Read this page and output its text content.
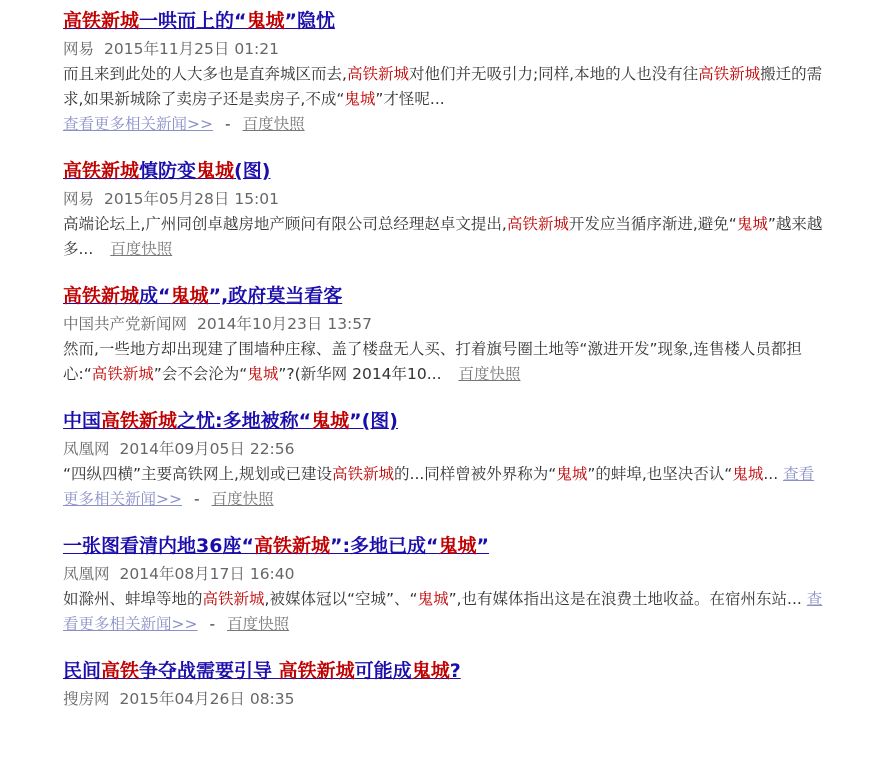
高铁新城一哄而上的“鬼城”隐忧
网易 2015年11月25日 01:21
而且来到此处的人大多也是直奔城区而去,高铁新城对他们并无吸引力;同样,本地的人也没有往高铁新城搬迁的需求,如果新城除了卖房子还是卖房子,不成“鬼城”才怪呢...
查看更多相关新闻>> - 百度快照
高铁新城慎防变鬼城(图)
网易 2015年05月28日 15:01
高端论坛上,广州同创卓越房地产顾问有限公司总经理赵卓文提出,高铁新城开发应当循序渐进,避免“鬼城”越来越多... 百度快照
高铁新城成“鬼城”,政府莫当看客
中国共产党新闻网 2014年10月23日 13:57
然而,一些地方却出现建了围墙种庄稼、盖了楼盘无人买、打着旗号圈土地等“激进开发”现象,连售楼人员都担心:“高铁新城”会不会沦为“鬼城”?(新华网 2014年10... 百度快照
中国高铁新城之忧:多地被称“鬼城”(图)
凤凰网 2014年09月05日 22:56
“四纵四横”主要高铁网上,规划或已建设高铁新城的...同样曾被外界称为“鬼城”的蚌埠,也坚决否认“鬼城... 查看更多相关新闻>> - 百度快照
一张图看清内地36座“高铁新城”:多地已成“鬼城”
凤凰网 2014年08月17日 16:40
如滁州、蚌埠等地的高铁新城,被媒体冠以“空城”、“鬼城”,也有媒体指出这是在浪费土地收益。在宿州东站... 查看更多相关新闻>> - 百度快照
民间高铁争夺战需要引导 高铁新城可能成鬼城?
搜房网 2015年04月26日 08:35
